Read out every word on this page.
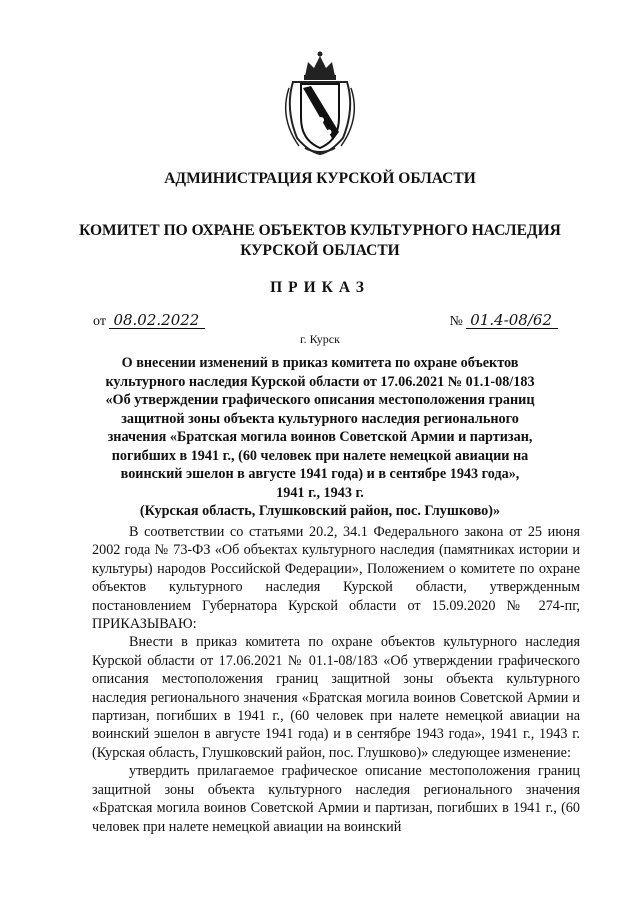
АДМИНИСТРАЦИЯ КУРСКОЙ ОБЛАСТИ
КОМИТЕТ ПО ОХРАНЕ ОБЪЕКТОВ КУЛЬТУРНОГО НАСЛЕДИЯ
КУРСКОЙ ОБЛАСТИ
ПРИКАЗ
от 08.02.2022	№ 01.4-08/62
г. Курск
О внесении изменений в приказ комитета по охране объектов
культурного наследия Курской области от 17.06.2021 № 01.1-08/183
«Об утверждении графического описания местоположения границ
защитной зоны объекта культурного наследия регионального
значения «Братская могила воинов Советской Армии и партизан,
погибших в 1941 г., (60 человек при налете немецкой авиации на
воинский эшелон в августе 1941 года) и в сентябре 1943 года»,
1941 г., 1943 г.
(Курская область, Глушковский район, пос. Глушково)»

В соответствии со статьями 20.2, 34.1 Федерального закона от 25 июня 2002 года № 73-ФЗ «Об объектах культурного наследия (памятниках истории и культуры) народов Российской Федерации», Положением о комитете по охране объектов культурного наследия Курской области, утвержденным постановлением Губернатора Курской области от 15.09.2020 № 274-пг, ПРИКАЗЫВАЮ:

Внести в приказ комитета по охране объектов культурного наследия Курской области от 17.06.2021 № 01.1-08/183 «Об утверждении графического описания местоположения границ защитной зоны объекта культурного наследия регионального значения «Братская могила воинов Советской Армии и партизан, погибших в 1941 г., (60 человек при налете немецкой авиации на воинский эшелон в августе 1941 года) и в сентябре 1943 года», 1941 г., 1943 г. (Курская область, Глушковский район, пос. Глушково)» следующее изменение:

утвердить прилагаемое графическое описание местоположения границ защитной зоны объекта культурного наследия регионального значения «Братская могила воинов Советской Армии и партизан, погибших в 1941 г., (60 человек при налете немецкой авиации на воинский
